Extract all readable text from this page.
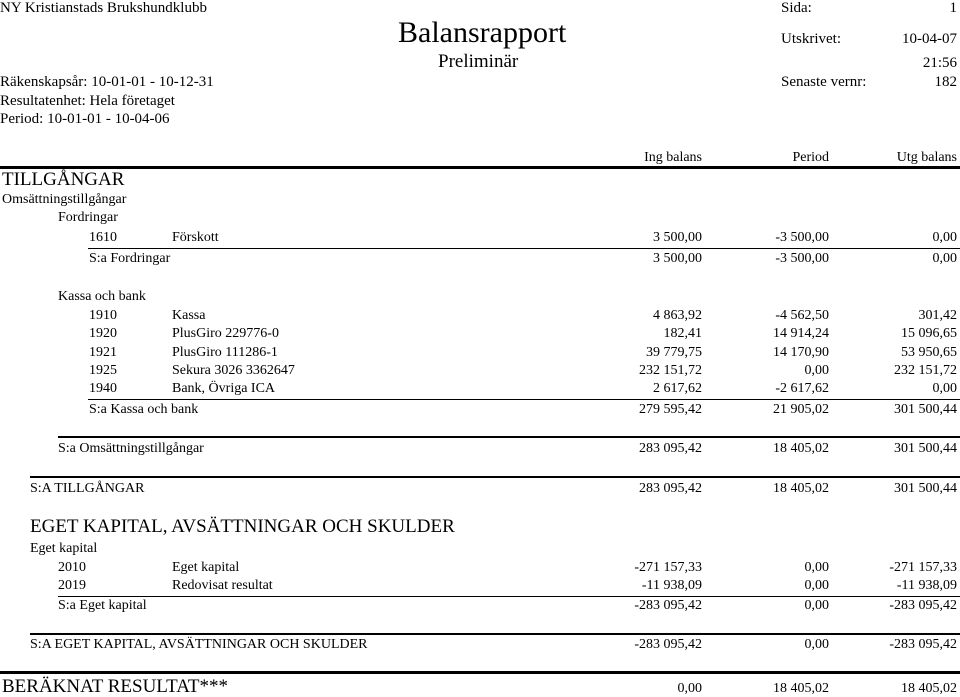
NY Kristianstads Brukshundklubb
Balansrapport
Preliminär
Sida:	1
Utskrivet:	10-04-07
21:56
Räkenskapsår: 10-01-01 - 10-12-31	Senaste vernr:	182
Resultatenhet: Hela företaget
Period: 10-01-01 - 10-04-06
Ing balans	Period	Utg balans
TILLGÅNGAR
Omsättningstillgångar
Fordringar
1610	Förskott	3 500,00	-3 500,00	0,00
S:a Fordringar	3 500,00	-3 500,00	0,00
Kassa och bank
1910	Kassa	4 863,92	-4 562,50	301,42
1920	PlusGiro 229776-0	182,41	14 914,24	15 096,65
1921	PlusGiro 111286-1	39 779,75	14 170,90	53 950,65
1925	Sekura 3026 3362647	232 151,72	0,00	232 151,72
1940	Bank, Övriga ICA	2 617,62	-2 617,62	0,00
S:a Kassa och bank	279 595,42	21 905,02	301 500,44
S:a Omsättningstillgångar	283 095,42	18 405,02	301 500,44
S:A TILLGÅNGAR	283 095,42	18 405,02	301 500,44
EGET KAPITAL, AVSÄTTNINGAR OCH SKULDER
Eget kapital
2010	Eget kapital	-271 157,33	0,00	-271 157,33
2019	Redovisat resultat	-11 938,09	0,00	-11 938,09
S:a Eget kapital	-283 095,42	0,00	-283 095,42
S:A EGET KAPITAL, AVSÄTTNINGAR OCH SKULDER	-283 095,42	0,00	-283 095,42
BERÄKNAT RESULTAT***	0,00	18 405,02	18 405,02
